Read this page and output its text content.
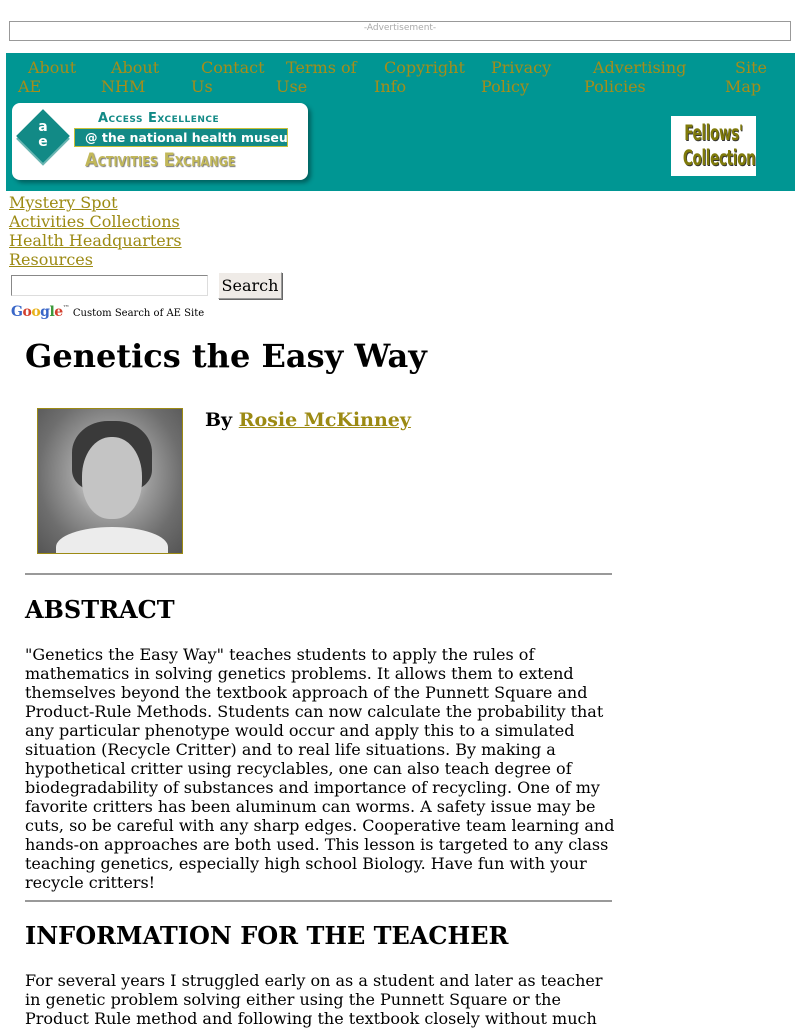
-Advertisement-
About
AE
About
NHM
Contact
Us
Terms of
Use
Copyright
Info
Privacy
Policy
Advertising
Policies
Site
Map
a
e
Access Excellence
@ the national health museum
Activities Exchange
Fellows'
Collection
Mystery Spot
Activities Collections
Health Headquarters
Resources
Search
Google™ Custom Search of AE Site
Genetics the Easy Way
By Rosie McKinney
ABSTRACT

"Genetics the Easy Way" teaches students to apply the rules of mathematics in solving genetics problems. It allows them to extend themselves beyond the textbook approach of the Punnett Square and Product-Rule Methods. Students can now calculate the probability that any particular phenotype would occur and apply this to a simulated situation (Recycle Critter) and to real life situations. By making a hypothetical critter using recyclables, one can also teach degree of biodegradability of substances and importance of recycling. One of my favorite critters has been aluminum can worms. A safety issue may be cuts, so be careful with any sharp edges. Cooperative team learning and hands-on approaches are both used. This lesson is targeted to any class teaching genetics, especially high school Biology. Have fun with your recycle critters!

INFORMATION FOR THE TEACHER

For several years I struggled early on as a student and later as teacher in genetic problem solving either using the Punnett Square or the Product Rule method and following the textbook closely without much
